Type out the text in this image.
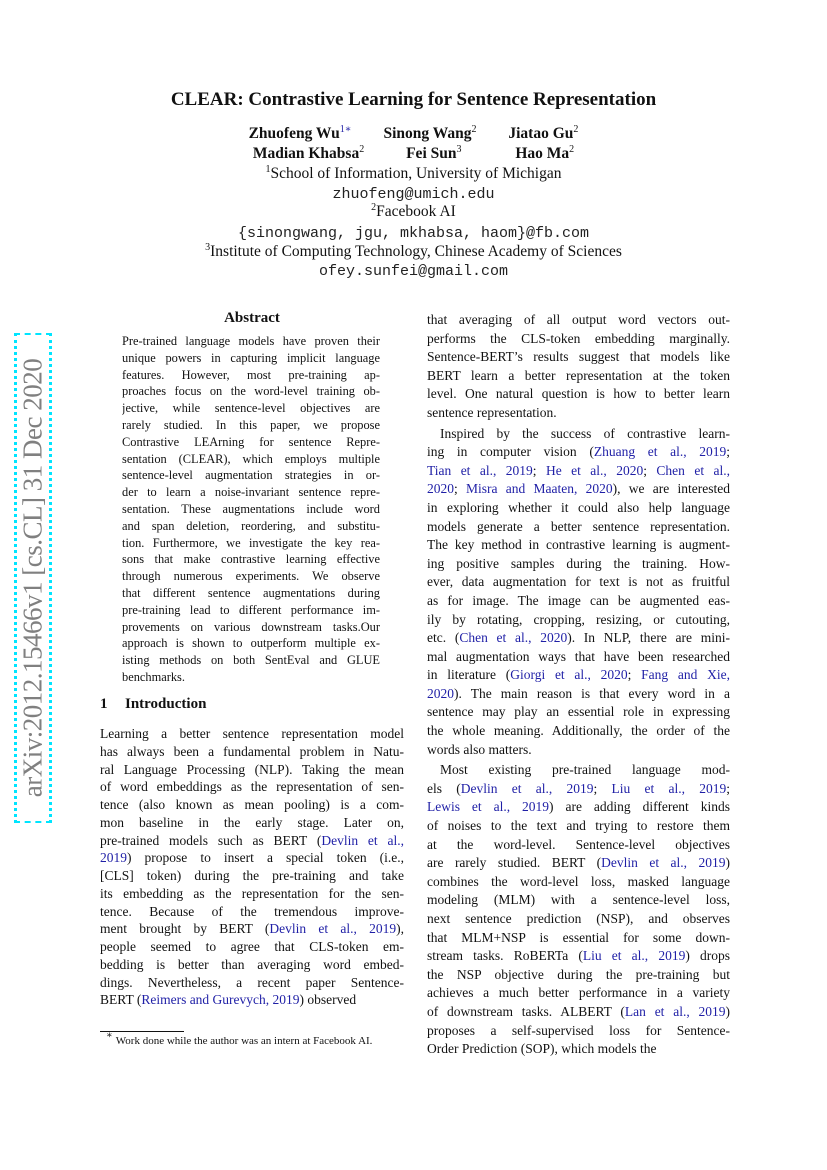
arXiv:2012.15466v1 [cs.CL] 31 Dec 2020
CLEAR: Contrastive Learning for Sentence Representation
Zhuofeng $Wu^{1∗}$ Sinong Wang$^2$ Jiatao Gu$^2$
Madian Khabsa$^2$	Fei Sun$^3$	Hao Ma$^2$
$^1$School of Information, University of Michigan
zhuofeng@umich.edu
$^2$Facebook AI
{sinongwang, jgu, mkhabsa, haom}@fb.com
$^3$Institute of Computing Technology, Chinese Academy of Sciences
ofey.sunfei@gmail.com
Abstract
Pre-trained language models have proven their
unique powers in capturing implicit language
features. However, most pre-training ap-
proaches focus on the word-level training ob-
jective, while sentence-level objectives are
rarely studied. In this paper, we propose
Contrastive LEArning for sentence Repre-
sentation (CLEAR), which employs multiple
sentence-level augmentation strategies in or-
der to learn a noise-invariant sentence repre-
sentation. These augmentations include word
and span deletion, reordering, and substitu-
tion. Furthermore, we investigate the key rea-
sons that make contrastive learning effective
through numerous experiments. We observe
that different sentence augmentations during
pre-training lead to different performance im-
provements on various downstream tasks.Our
approach is shown to outperform multiple ex-
isting methods on both SentEval and GLUE
benchmarks.
1 Introduction
Learning a better sentence representation model
has always been a fundamental problem in Natu-
ral Language Processing (NLP). Taking the mean
of word embeddings as the representation of sen-
tence (also known as mean pooling) is a com-
mon baseline in the early stage. Later on,
pre-trained models such as BERT (Devlin et al.,
2019) propose to insert a special token (i.e.,
[CLS] token) during the pre-training and take
its embedding as the representation for the sen-
tence. Because of the tremendous improve-
ment brought by BERT (Devlin et al., 2019),
people seemed to agree that CLS-token em-
bedding is better than averaging word embed-
dings. Nevertheless, a recent paper Sentence-
BERT (Reimers and Gurevych, 2019) observed
that averaging of all output word vectors out-
performs the CLS-token embedding marginally.
Sentence-BERT’s results suggest that models like
BERT learn a better representation at the token
level. One natural question is how to better learn
sentence representation.
Inspired by the success of contrastive learn-
ing in computer vision (Zhuang et al., 2019;
Tian et al., 2019; He et al., 2020; Chen et al.,
2020; Misra and Maaten, 2020), we are interested
in exploring whether it could also help language
models generate a better sentence representation.
The key method in contrastive learning is augment-
ing positive samples during the training. How-
ever, data augmentation for text is not as fruitful
as for image. The image can be augmented eas-
ily by rotating, cropping, resizing, or cutouting,
etc. (Chen et al., 2020). In NLP, there are mini-
mal augmentation ways that have been researched
in literature (Giorgi et al., 2020; Fang and Xie,
2020). The main reason is that every word in a
sentence may play an essential role in expressing
the whole meaning. Additionally, the order of the
words also matters.
Most existing pre-trained language mod-
els (Devlin et al., 2019; Liu et al., 2019;
Lewis et al., 2019) are adding different kinds
of noises to the text and trying to restore them
at the word-level. Sentence-level objectives
are rarely studied. BERT (Devlin et al., 2019)
combines the word-level loss, masked language
modeling (MLM) with a sentence-level loss,
next sentence prediction (NSP), and observes
that MLM+NSP is essential for some down-
stream tasks. RoBERTa (Liu et al., 2019) drops
the NSP objective during the pre-training but
achieves a much better performance in a variety
of downstream tasks. ALBERT (Lan et al., 2019)
proposes a self-supervised loss for Sentence-
Order Prediction (SOP), which models the
∗ Work done while the author was an intern at Facebook AI.
